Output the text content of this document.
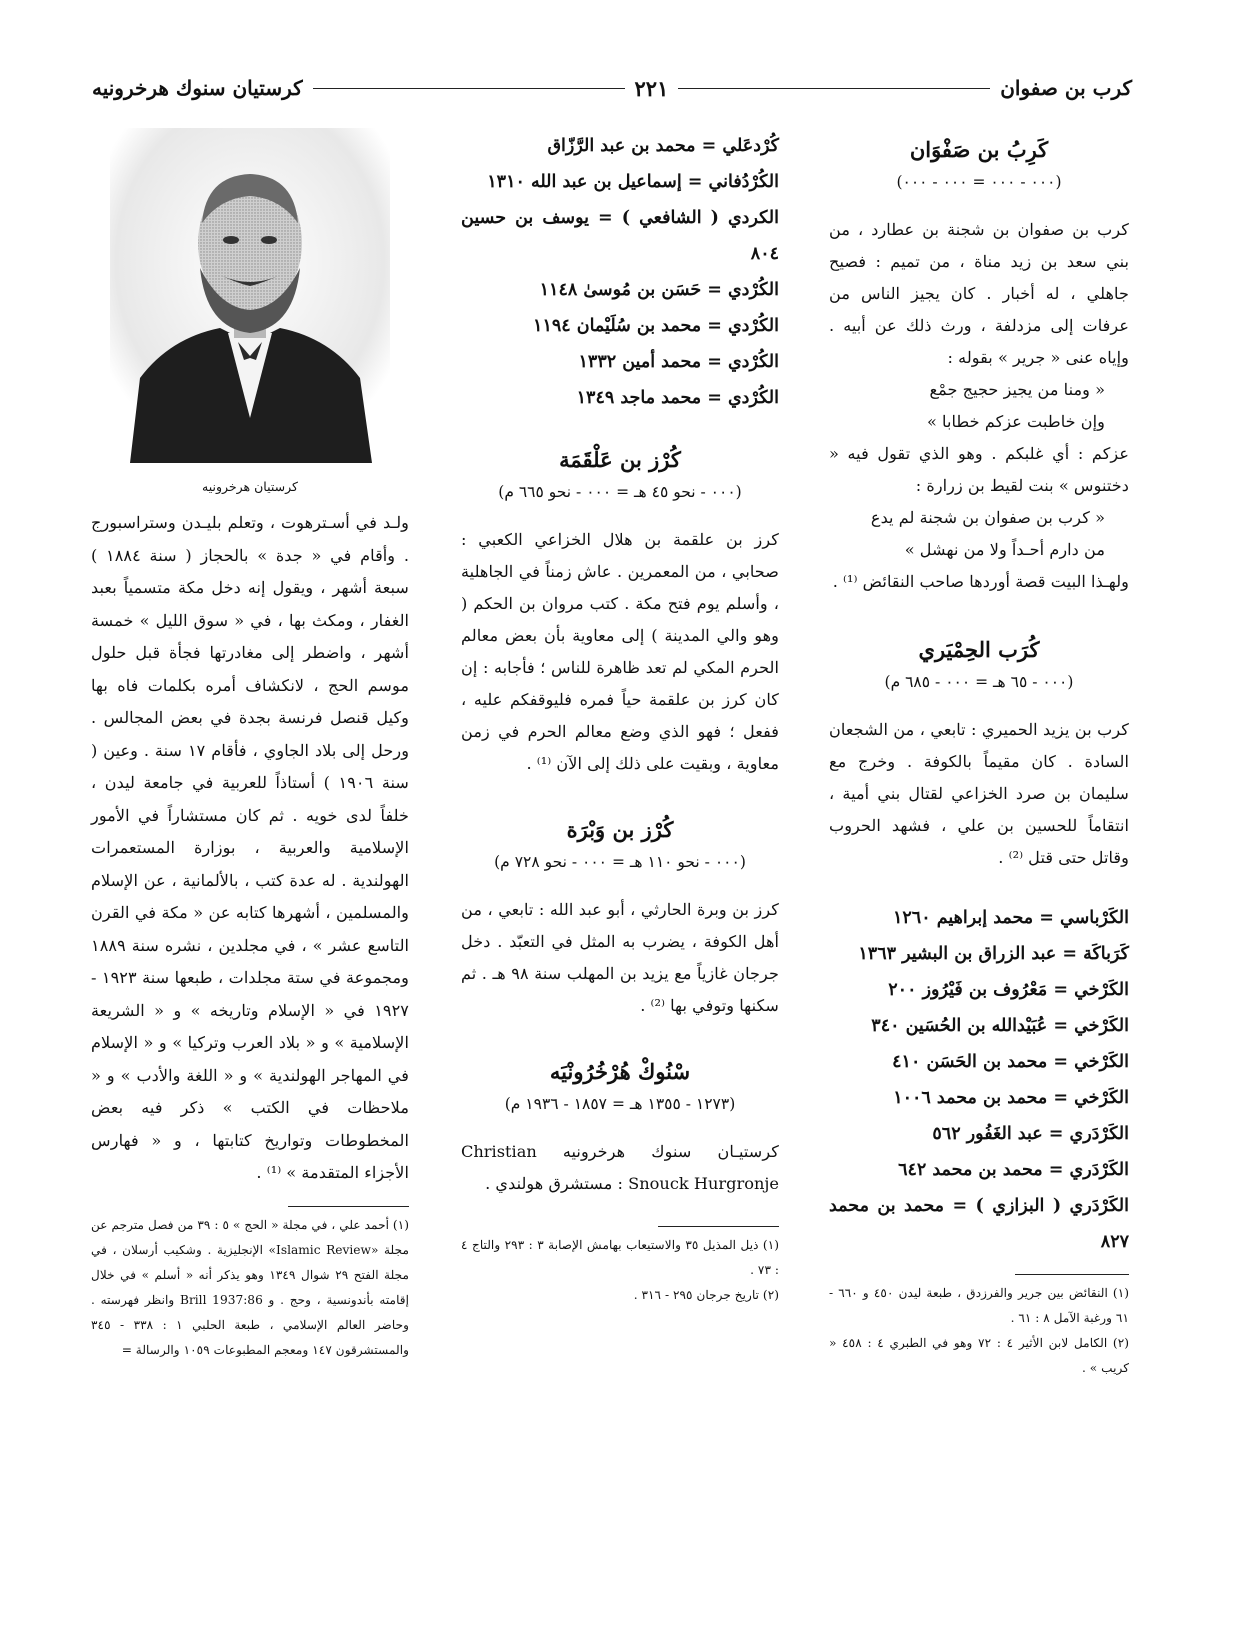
كرب بن صفوان
٢٢١
كرستيان سنوك هرخرونيه
كَرِبُ بن صَفْوَان
(٠٠٠ - ٠٠٠ = ٠٠٠ - ٠٠٠)

كرب بن صفوان بن شجنة بن عطارد ، من بني سعد بن زيد مناة ، من تميم : فصيح جاهلي ، له أخبار . كان يجيز الناس من عرفات إلى مزدلفة ، ورث ذلك عن أبيه . وإياه عنى « جرير » بقوله :

« ومنا من يجيز حجيج جمْع

وإن خاطبت عزكم خطابا »

عزكم : أي غلبكم . وهو الذي تقول فيه « دختنوس » بنت لقيط بن زرارة :

« كرب بن صفوان بن شجنة لم يدع

من دارم أحـداً ولا من نهشل »

ولهـذا البيت قصة أوردها صاحب النقائض ⁽¹⁾ .

كُرَب الحِمْيَري
(٠٠٠ - ٦٥ هـ = ٠٠٠ - ٦٨٥ م)

كرب بن يزيد الحميري : تابعي ، من الشجعان السادة . كان مقيماً بالكوفة . وخرج مع سليمان بن صرد الخزاعي لقتال بني أمية ، انتقاماً للحسين بن علي ، فشهد الحروب وقاتل حتى قتل ⁽²⁾ .

الكَرْباسي = محمد إبراهيم ١٢٦٠
كَرَباكَة = عبد الزراق بن البشير ١٣٦٣
الكَرْخي = مَعْرُوف بن فَيْرُوز ٢٠٠
الكَرْخي = عُبَيْدالله بن الحُسَين ٣٤٠
الكَرْخي = محمد بن الحَسَن ٤١٠
الكَرْخي = محمد بن محمد ١٠٠٦
الكَرْدَري = عبد الغَفُور ٥٦٢
الكَرْدَري = محمد بن محمد ٦٤٢
الكَرْدَري ( البزازي ) = محمد بن محمد ٨٢٧
(١) النقائض بين جرير والفرزدق ، طبعة ليدن ٤٥٠ و ٦٦٠ - ٦١ ورغبة الآمل ٨ : ٦١ .
(٢) الكامل لابن الأثير ٤ : ٧٢ وهو في الطبري ٤ : ٤٥٨ « كريب » .
كُرْدعَلي = محمد بن عبد الرَّزّاق
الكُرْدُفاني = إسماعيل بن عبد الله ١٣١٠
الكردي ( الشافعي ) = يوسف بن حسين ٨٠٤
الكُرْدي = حَسَن بن مُوسىٰ ١١٤٨
الكُرْدي = محمد بن سُلَيْمان ١١٩٤
الكُرْدي = محمد أمين ١٣٣٢
الكُرْدي = محمد ماجد ١٣٤٩
كُرْز بن عَلْقَمَة
(٠٠٠ - نحو ٤٥ هـ = ٠٠٠ - نحو ٦٦٥ م)

كرز بن علقمة بن هلال الخزاعي الكعبي : صحابي ، من المعمرين . عاش زمناً في الجاهلية ، وأسلم يوم فتح مكة . كتب مروان بن الحكم ( وهو والي المدينة ) إلى معاوية بأن بعض معالم الحرم المكي لم تعد ظاهرة للناس ؛ فأجابه : إن كان كرز بن علقمة حياً فمره فليوقفكم عليه ، ففعل ؛ فهو الذي وضع معالم الحرم في زمن معاوية ، وبقيت على ذلك إلى الآن ⁽¹⁾ .

كُرْز بن وَبْرَة
(٠٠٠ - نحو ١١٠ هـ = ٠٠٠ - نحو ٧٢٨ م)

كرز بن وبرة الحارثي ، أبو عبد الله : تابعي ، من أهل الكوفة ، يضرب به المثل في التعبّد . دخل جرجان غازياً مع يزيد بن المهلب سنة ٩٨ هـ . ثم سكنها وتوفي بها ⁽²⁾ .

سْنُوكْ هُرْخُرُونْيَه
(١٢٧٣ - ١٣٥٥ هـ = ١٨٥٧ - ١٩٣٦ م)

كرستيـان سنوك هرخرونيه Christian Snouck Hurgronje : مستشرق هولندي .

(١) ذيل المذيل ٣٥ والاستيعاب بهامش الإصابة ٣ : ٢٩٣ والتاج ٤ : ٧٣ .
(٢) تاريخ جرجان ٢٩٥ - ٣١٦ .
كرستيان هرخرونيه

ولـد في أسـترهوت ، وتعلم بليـدن وستراسبورج . وأقام في « جدة » بالحجاز ( سنة ١٨٨٤ ) سبعة أشهر ، ويقول إنه دخل مكة متسمياً بعبد الغفار ، ومكث بها ، في « سوق الليل » خمسة أشهر ، واضطر إلى مغادرتها فجأة قبل حلول موسم الحج ، لانكشاف أمره بكلمات فاه بها وكيل قنصل فرنسة بجدة في بعض المجالس . ورحل إلى بلاد الجاوي ، فأقام ١٧ سنة . وعين ( سنة ١٩٠٦ ) أستاذاً للعربية في جامعة ليدن ، خلفاً لدى خويه . ثم كان مستشاراً في الأمور الإسلامية والعربية ، بوزارة المستعمرات الهولندية . له عدة كتب ، بالألمانية ، عن الإسلام والمسلمين ، أشهرها كتابه عن « مكة في القرن التاسع عشر » ، في مجلدين ، نشره سنة ١٨٨٩ ومجموعة في ستة مجلدات ، طبعها سنة ١٩٢٣ - ١٩٢٧ في « الإسلام وتاريخه » و « الشريعة الإسلامية » و « بلاد العرب وتركيا » و « الإسلام في المهاجر الهولندية » و « اللغة والأدب » و « ملاحظات في الكتب » ذكر فيه بعض المخطوطات وتواريخ كتابتها ، و « فهارس الأجزاء المتقدمة » ⁽¹⁾ .

(١) أحمد علي ، في مجلة « الحج » ٥ : ٣٩ من فصل مترجم عن مجلة «Islamic Review» الإنجليزية . وشكيب أرسلان ، في مجلة الفتح ٢٩ شوال ١٣٤٩ وهو يذكر أنه « أسلم » في خلال إقامته بأندونسية ، وحج . و Brill 1937:86 وانظر فهرسته . وحاضر العالم الإسلامي ، طبعة الحلبي ١ : ٣٣٨ - ٣٤٥ والمستشرقون ١٤٧ ومعجم المطبوعات ١٠٥٩ والرسالة =
